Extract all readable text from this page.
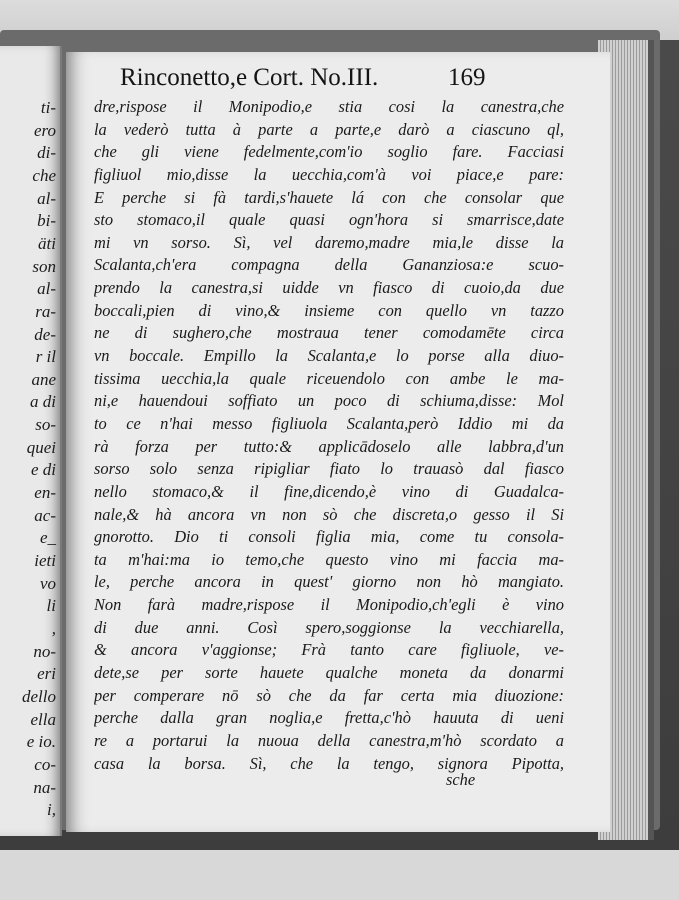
ti-
ero
di-
che
al-
bi-
äti
son
al-
ra-
de-
r il
ane
a di
so-
quei
e di
en-
ac-
e_
ieti
vo
li
,
no-
eri
dello
ella
e io.
co-
na-
i,
Rinconetto,e Cort. No.III.	169
dre,rispose il Monipodio,e stia cosi la canestra,che
la vederò tutta à parte a parte,e darò a ciascuno ql,
che gli viene fedelmente,com'io soglio fare. Facciasi
figliuol mio,disse la uecchia,com'à voi piace,e pare:
E perche si fà tardi,s'hauete lá con che consolar que
sto stomaco,il quale quasi ogn'hora si smarrisce,date
mi vn sorso. Sì, vel daremo,madre mia,le disse la
Scalanta,ch'era compagna della Gananziosa:e scuo-
prendo la canestra,si uidde vn fiasco di cuoio,da due
boccali,pien di vino,& insieme con quello vn tazzo
ne di sughero,che mostraua tener comodamēte circa
vn boccale. Empillo la Scalanta,e lo porse alla diuo-
tissima uecchia,la quale riceuendolo con ambe le ma-
ni,e hauendoui soffiato un poco di schiuma,disse: Mol
to ce n'hai messo figliuola Scalanta,però Iddio mi da
rà forza per tutto:& applicādoselo alle labbra,d'un
sorso solo senza ripigliar fiato lo trauasò dal fiasco
nello stomaco,& il fine,dicendo,è vino di Guadalca-
nale,& hà ancora vn non sò che discreta,o gesso il Si
gnorotto. Dio ti consoli figlia mia, come tu consola-
ta m'hai:ma io temo,che questo vino mi faccia ma-
le, perche ancora in quest' giorno non hò mangiato.
Non farà madre,rispose il Monipodio,ch'egli è vino
di due anni. Così spero,soggionse la vecchiarella,
& ancora v'aggionse; Frà tanto care figliuole, ve-
dete,se per sorte hauete qualche moneta da donarmi
per comperare nō sò che da far certa mia diuozione:
perche dalla gran noglia,e fretta,c'hò hauuta di ueni
re a portarui la nuoua della canestra,m'hò scordato a
casa la borsa. Sì, che la tengo, signora Pipotta,
sche
